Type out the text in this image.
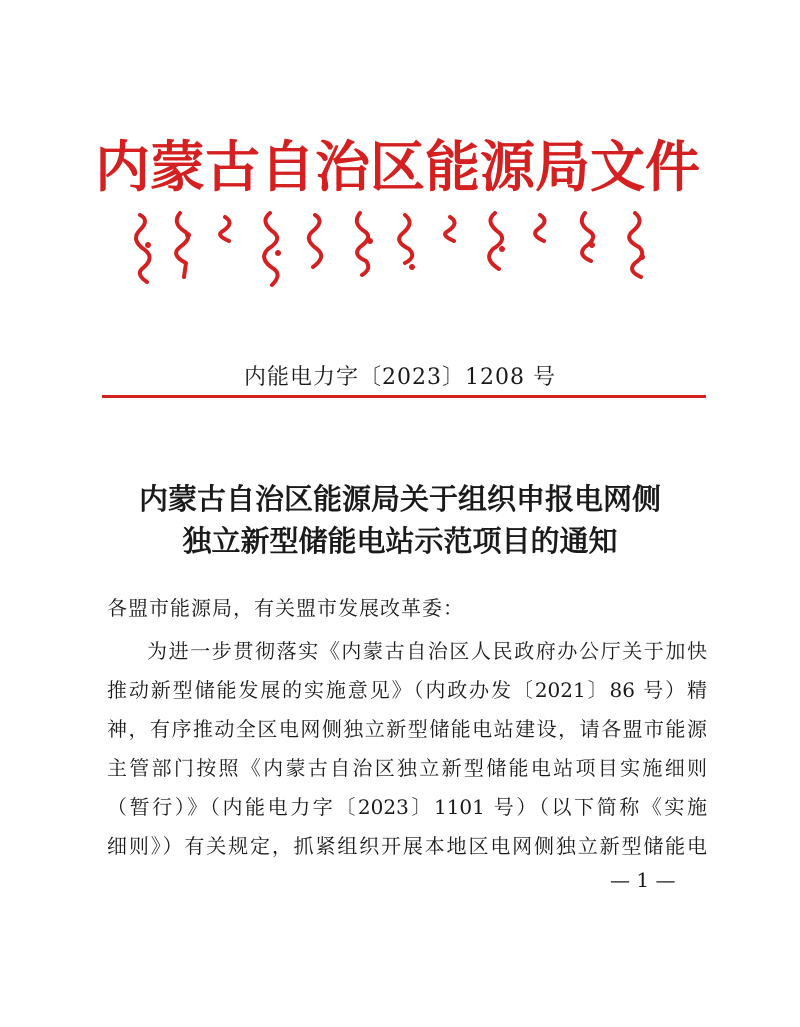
内蒙古自治区能源局文件
内能电力字〔2023〕1208 号
内蒙古自治区能源局关于组织申报电网侧
独立新型储能电站示范项目的通知
各盟市能源局，有关盟市发展改革委：
为进一步贯彻落实《内蒙古自治区人民政府办公厅关于加快
推动新型储能发展的实施意见》（内政办发〔2021〕86 号）精
神，有序推动全区电网侧独立新型储能电站建设，请各盟市能源
主管部门按照《内蒙古自治区独立新型储能电站项目实施细则
（暂行）》（内能电力字〔2023〕1101 号）（以下简称《实施
细则》）有关规定，抓紧组织开展本地区电网侧独立新型储能电
— 1 —
